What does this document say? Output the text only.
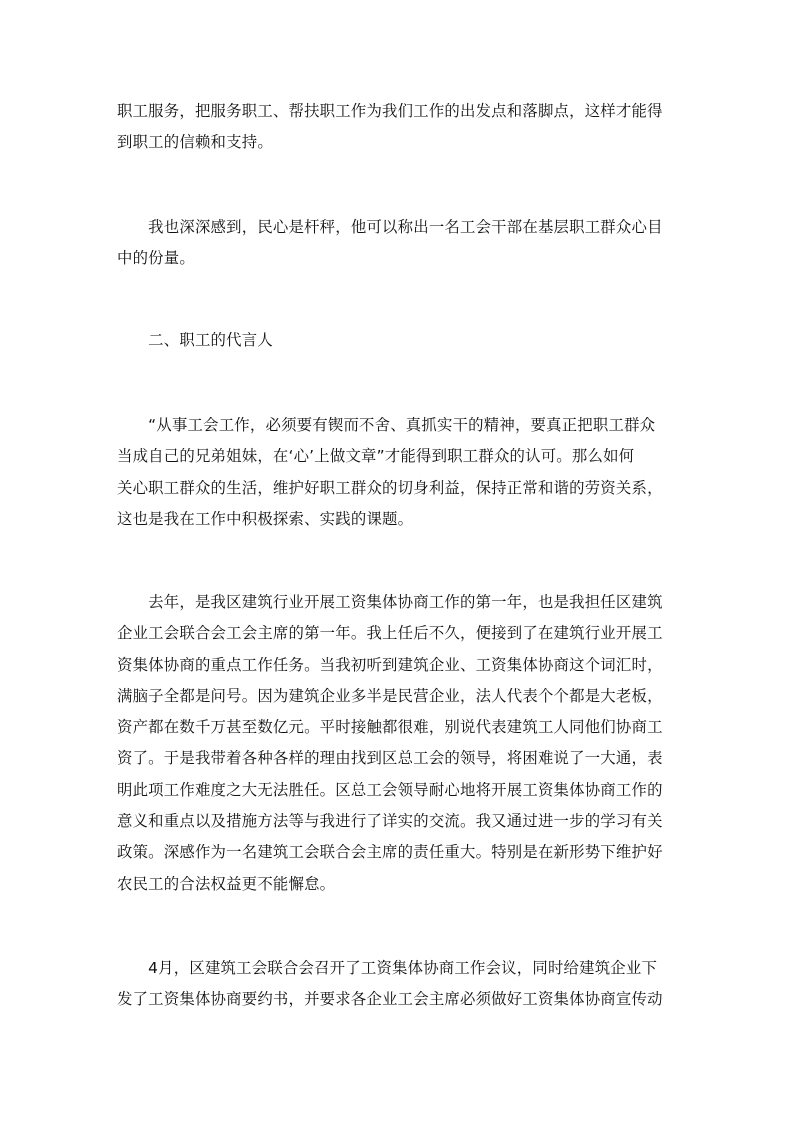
职工服务，把服务职工、帮扶职工作为我们工作的出发点和落脚点，这样才能得
到职工的信赖和支持。

　　我也深深感到，民心是杆秤，他可以称出一名工会干部在基层职工群众心目
中的份量。

　　二、职工的代言人

　　“从事工会工作，必须要有锲而不舍、真抓实干的精神，要真正把职工群众
当成自己的兄弟姐妹，在‘心’上做文章”才能得到职工群众的认可。那么如何
关心职工群众的生活，维护好职工群众的切身利益，保持正常和谐的劳资关系，
这也是我在工作中积极探索、实践的课题。

　　去年，是我区建筑行业开展工资集体协商工作的第一年，也是我担任区建筑
企业工会联合会工会主席的第一年。我上任后不久，便接到了在建筑行业开展工
资集体协商的重点工作任务。当我初听到建筑企业、工资集体协商这个词汇时，
满脑子全都是问号。因为建筑企业多半是民营企业，法人代表个个都是大老板，
资产都在数千万甚至数亿元。平时接触都很难，别说代表建筑工人同他们协商工
资了。于是我带着各种各样的理由找到区总工会的领导，将困难说了一大通，表
明此项工作难度之大无法胜任。区总工会领导耐心地将开展工资集体协商工作的
意义和重点以及措施方法等与我进行了详实的交流。我又通过进一步的学习有关
政策。深感作为一名建筑工会联合会主席的责任重大。特别是在新形势下维护好
农民工的合法权益更不能懈怠。

　　4月，区建筑工会联合会召开了工资集体协商工作会议，同时给建筑企业下
发了工资集体协商要约书，并要求各企业工会主席必须做好工资集体协商宣传动
